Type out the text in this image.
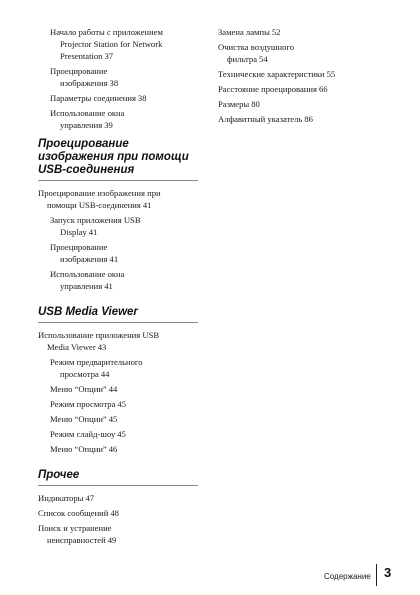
Начало работы с приложением
Projector Station for Network
Presentation 37
Проецирование
изображения 38
Параметры соединения 38
Использование окна
управления 39
Проецирование
изображения при помощи
USB-соединения
Проецирование изображения при
помощи USB-соединения 41
Запуск приложения USB
Display 41
Проецирование
изображения 41
Использование окна
управления 41
USB Media Viewer
Использование приложения USB
Media Viewer 43
Режим предварительного
просмотра 44
Меню “Опции” 44
Режим просмотра 45
Меню “Опции” 45
Режим слайд-шоу 45
Меню “Опции” 46
Прочее
Индикаторы 47
Список сообщений 48
Поиск и устранение
неисправностей 49
Замена лампы 52
Очистка воздушного
фильтра 54
Технические характеристики 55
Расстояние проецирования 66
Размеры 80
Алфавитный указатель 86
Содержание 3
